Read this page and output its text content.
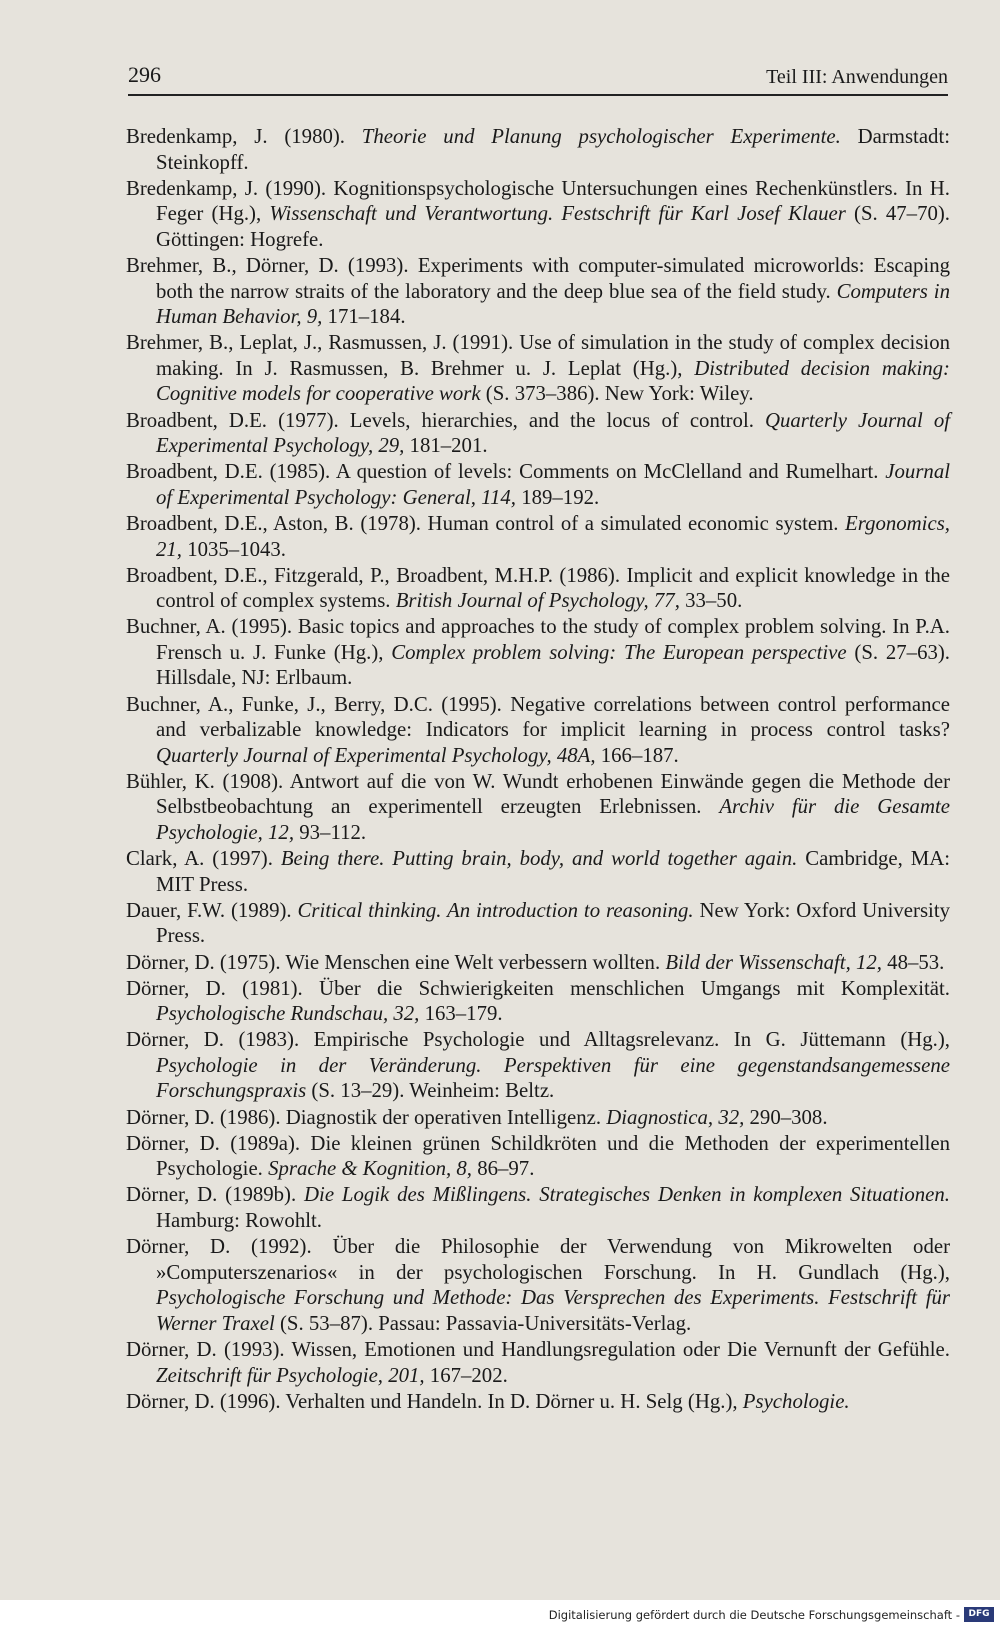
296	Teil III: Anwendungen

Bredenkamp, J. (1980). Theorie und Planung psychologischer Experimente. Darmstadt: Steinkopff.

Bredenkamp, J. (1990). Kognitionspsychologische Untersuchungen eines Rechenkünstlers. In H. Feger (Hg.), Wissenschaft und Verantwortung. Festschrift für Karl Josef Klauer (S. 47–70). Göttingen: Hogrefe.

Brehmer, B., Dörner, D. (1993). Experiments with computer-simulated microworlds: Escaping both the narrow straits of the laboratory and the deep blue sea of the field study. Computers in Human Behavior, 9, 171–184.

Brehmer, B., Leplat, J., Rasmussen, J. (1991). Use of simulation in the study of complex decision making. In J. Rasmussen, B. Brehmer u. J. Leplat (Hg.), Distributed decision making: Cognitive models for cooperative work (S. 373–386). New York: Wiley.

Broadbent, D.E. (1977). Levels, hierarchies, and the locus of control. Quarterly Journal of Experimental Psychology, 29, 181–201.

Broadbent, D.E. (1985). A question of levels: Comments on McClelland and Rumelhart. Journal of Experimental Psychology: General, 114, 189–192.

Broadbent, D.E., Aston, B. (1978). Human control of a simulated economic system. Ergonomics, 21, 1035–1043.

Broadbent, D.E., Fitzgerald, P., Broadbent, M.H.P. (1986). Implicit and explicit knowledge in the control of complex systems. British Journal of Psychology, 77, 33–50.

Buchner, A. (1995). Basic topics and approaches to the study of complex problem solving. In P.A. Frensch u. J. Funke (Hg.), Complex problem solving: The European perspective (S. 27–63). Hillsdale, NJ: Erlbaum.

Buchner, A., Funke, J., Berry, D.C. (1995). Negative correlations between control performance and verbalizable knowledge: Indicators for implicit learning in process control tasks? Quarterly Journal of Experimental Psychology, 48A, 166–187.

Bühler, K. (1908). Antwort auf die von W. Wundt erhobenen Einwände gegen die Methode der Selbstbeobachtung an experimentell erzeugten Erlebnissen. Archiv für die Gesamte Psychologie, 12, 93–112.

Clark, A. (1997). Being there. Putting brain, body, and world together again. Cambridge, MA: MIT Press.

Dauer, F.W. (1989). Critical thinking. An introduction to reasoning. New York: Oxford University Press.

Dörner, D. (1975). Wie Menschen eine Welt verbessern wollten. Bild der Wissenschaft, 12, 48–53.

Dörner, D. (1981). Über die Schwierigkeiten menschlichen Umgangs mit Komplexität. Psychologische Rundschau, 32, 163–179.

Dörner, D. (1983). Empirische Psychologie und Alltagsrelevanz. In G. Jüttemann (Hg.), Psychologie in der Veränderung. Perspektiven für eine gegenstandsangemessene Forschungspraxis (S. 13–29). Weinheim: Beltz.

Dörner, D. (1986). Diagnostik der operativen Intelligenz. Diagnostica, 32, 290–308.

Dörner, D. (1989a). Die kleinen grünen Schildkröten und die Methoden der experimentellen Psychologie. Sprache & Kognition, 8, 86–97.

Dörner, D. (1989b). Die Logik des Mißlingens. Strategisches Denken in komplexen Situationen. Hamburg: Rowohlt.

Dörner, D. (1992). Über die Philosophie der Verwendung von Mikrowelten oder »Computerszenarios« in der psychologischen Forschung. In H. Gundlach (Hg.), Psychologische Forschung und Methode: Das Versprechen des Experiments. Festschrift für Werner Traxel (S. 53–87). Passau: Passavia-Universitäts-Verlag.

Dörner, D. (1993). Wissen, Emotionen und Handlungsregulation oder Die Vernunft der Gefühle. Zeitschrift für Psychologie, 201, 167–202.

Dörner, D. (1996). Verhalten und Handeln. In D. Dörner u. H. Selg (Hg.), Psychologie.

Digitalisierung gefördert durch die Deutsche Forschungsgemeinschaft - DFG
